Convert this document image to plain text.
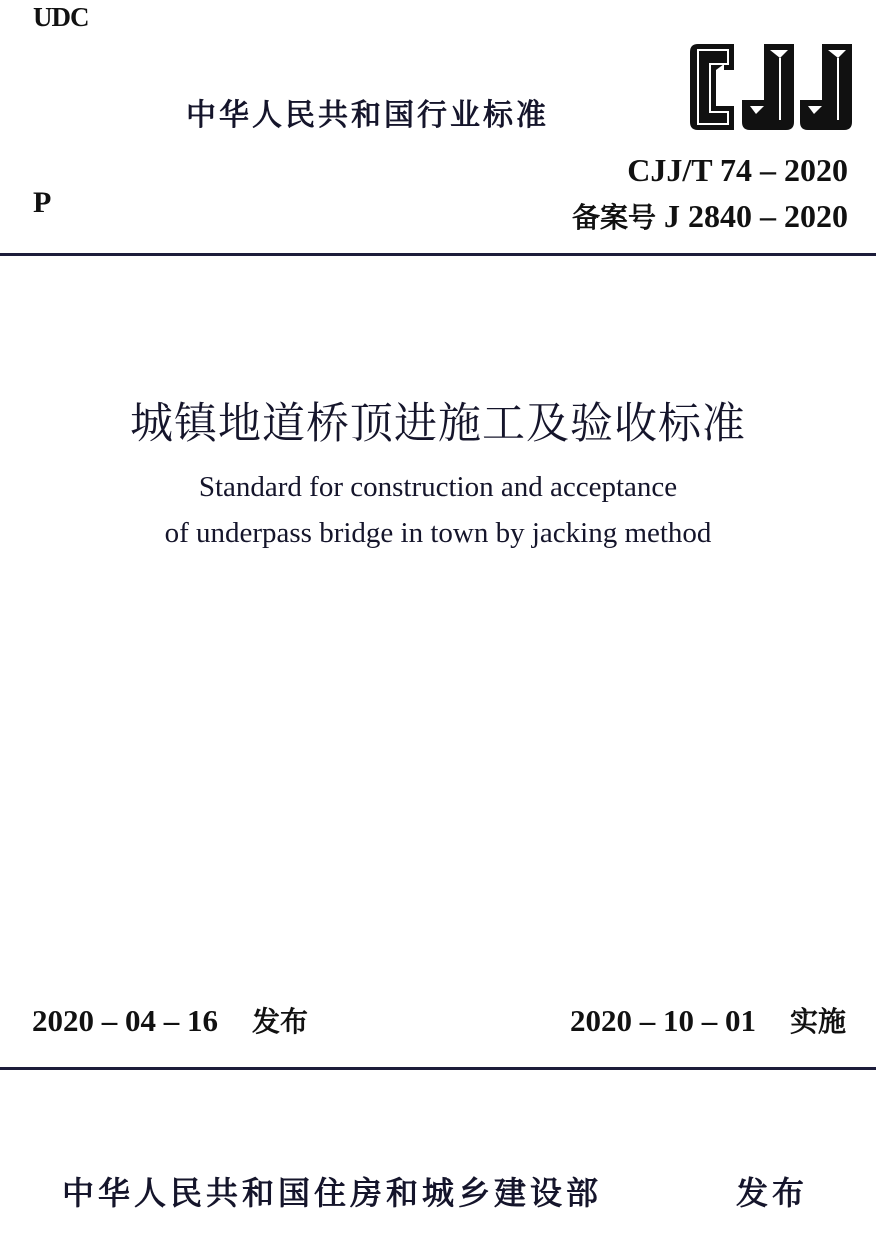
UDC
P
中华人民共和国行业标准
CJJ/T 74 – 2020
备案号 J 2840 – 2020
城镇地道桥顶进施工及验收标准
Standard for construction and acceptance
of underpass bridge in town by jacking method
2020 – 04 – 16 发布	2020 – 10 – 01 实施
中华人民共和国住房和城乡建设部	发布
